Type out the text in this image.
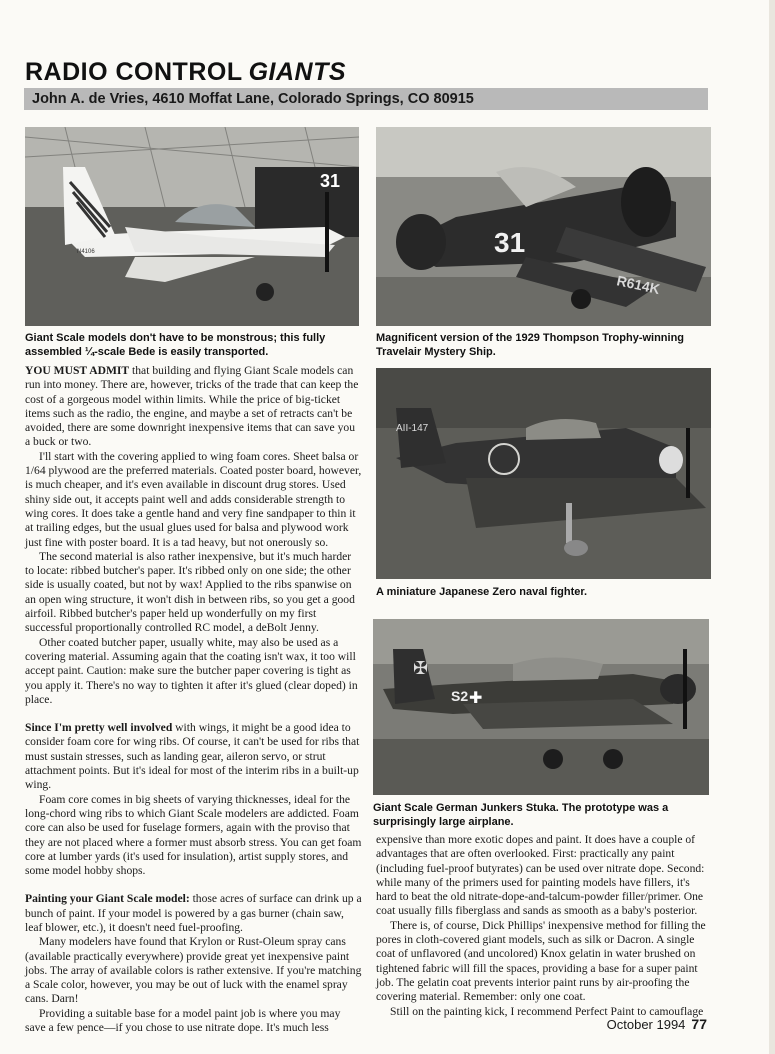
RADIO CONTROL GIANTS
John A. de Vries, 4610 Moffat Lane, Colorado Springs, CO 80915
31
N4106
Giant Scale models don't have to be monstrous; this fully assembled ¼-scale Bede is easily transported.
31
R614K
Magnificent version of the 1929 Thompson Trophy-winning Travelair Mystery Ship.
AII-147
A miniature Japanese Zero naval fighter.
✠
S2 ✚
Giant Scale German Junkers Stuka. The prototype was a surprisingly large airplane.

YOU MUST ADMIT that building and flying Giant Scale models can run into money. There are, however, tricks of the trade that can keep the cost of a gorgeous model within limits. While the price of big-ticket items such as the radio, the engine, and maybe a set of retracts can't be avoided, there are some downright inexpensive items that can save you a buck or two.

I'll start with the covering applied to wing foam cores. Sheet balsa or 1/64 plywood are the preferred materials. Coated poster board, however, is much cheaper, and it's even available in discount drug stores. Used shiny side out, it accepts paint well and adds considerable strength to wing cores. It does take a gentle hand and very fine sandpaper to thin it at trailing edges, but the usual glues used for balsa and plywood work just fine with poster board. It is a tad heavy, but not onerously so.

The second material is also rather inexpensive, but it's much harder to locate: ribbed butcher's paper. It's ribbed only on one side; the other side is usually coated, but not by wax! Applied to the ribs spanwise on an open wing structure, it won't dish in between ribs, so you get a good airfoil. Ribbed butcher's paper held up wonderfully on my first successful proportionally controlled RC model, a deBolt Jenny.

Other coated butcher paper, usually white, may also be used as a covering material. Assuming again that the coating isn't wax, it too will accept paint. Caution: make sure the butcher paper covering is tight as you apply it. There's no way to tighten it after it's glued (clear doped) in place.

Since I'm pretty well involved with wings, it might be a good idea to consider foam core for wing ribs. Of course, it can't be used for ribs that must sustain stresses, such as landing gear, aileron servo, or strut attachment points. But it's ideal for most of the interim ribs in a built-up wing.

Foam core comes in big sheets of varying thicknesses, ideal for the long-chord wing ribs to which Giant Scale modelers are addicted. Foam core can also be used for fuselage formers, again with the proviso that they are not placed where a former must absorb stress. You can get foam core at lumber yards (it's used for insulation), artist supply stores, and some model hobby shops.

Painting your Giant Scale model: those acres of surface can drink up a bunch of paint. If your model is powered by a gas burner (chain saw, leaf blower, etc.), it doesn't need fuel-proofing.

Many modelers have found that Krylon or Rust-Oleum spray cans (available practically everywhere) provide great yet inexpensive paint jobs. The array of available colors is rather extensive. If you're matching a Scale color, however, you may be out of luck with the enamel spray cans. Darn!

Providing a suitable base for a model paint job is where you may save a few pence—if you chose to use nitrate dope. It's much less

expensive than more exotic dopes and paint. It does have a couple of advantages that are often overlooked. First: practically any paint (including fuel-proof butyrates) can be used over nitrate dope. Second: while many of the primers used for painting models have fillers, it's hard to beat the old nitrate-dope-and-talcum-powder filler/primer. One coat usually fills fiberglass and sands as smooth as a baby's posterior.

There is, of course, Dick Phillips' inexpensive method for filling the pores in cloth-covered giant models, such as silk or Dacron. A single coat of unflavored (and uncolored) Knox gelatin in water brushed on tightened fabric will fill the spaces, providing a base for a super paint job. The gelatin coat prevents interior paint runs by air-proofing the covering material. Remember: only one coat.

Still on the painting kick, I recommend Perfect Paint to camouflage

October 1994 77
